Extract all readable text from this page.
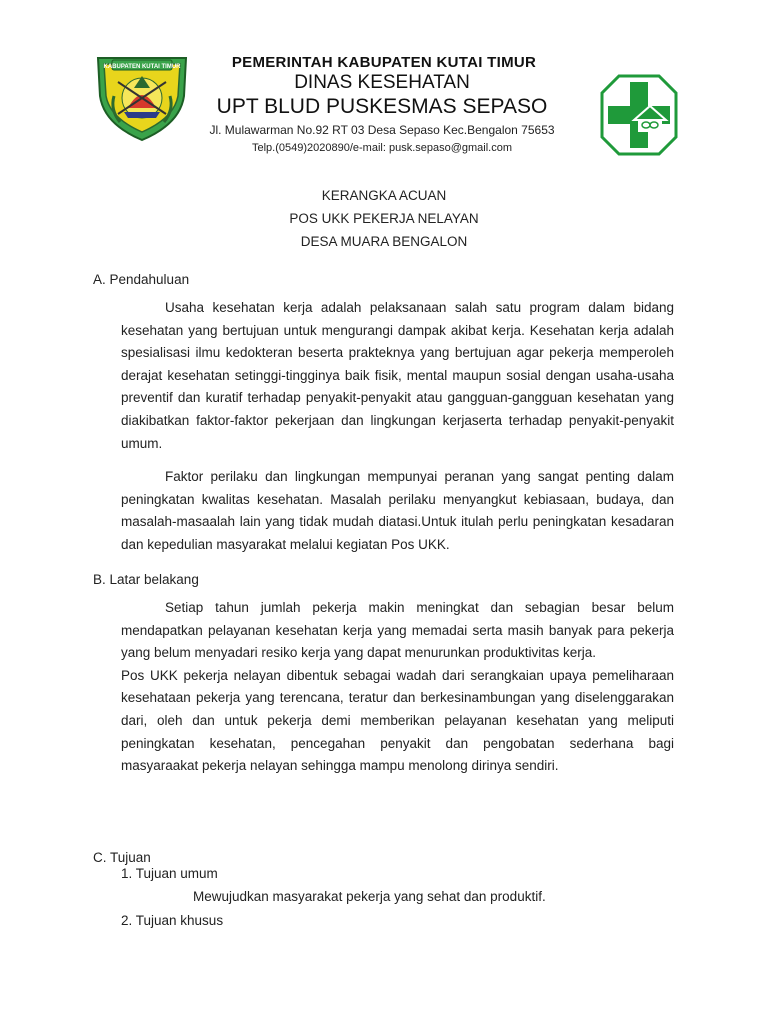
KABUPATEN KUTAI TIMUR	PEMERINTAH KABUPATEN KUTAI TIMUR
DINAS KESEHATAN
UPT BLUD PUSKESMAS SEPASO
Jl. Mulawarman No.92 RT 03 Desa Sepaso Kec.Bengalon 75653
Telp.(0549)2020890/e-mail: pusk.sepaso@gmail.com
KERANGKA ACUAN
POS UKK PEKERJA NELAYAN
DESA MUARA BENGALON
A. Pendahuluan

Usaha kesehatan kerja adalah pelaksanaan salah satu program dalam bidang kesehatan yang bertujuan untuk mengurangi dampak akibat kerja. Kesehatan kerja adalah spesialisasi ilmu kedokteran beserta prakteknya yang bertujuan agar pekerja memperoleh derajat kesehatan setinggi-tingginya baik fisik, mental maupun sosial dengan usaha-usaha preventif dan kuratif terhadap penyakit-penyakit atau gangguan-gangguan kesehatan yang diakibatkan faktor-faktor pekerjaan dan lingkungan kerjaserta terhadap penyakit-penyakit umum.

Faktor perilaku dan lingkungan mempunyai peranan yang sangat penting dalam peningkatan kwalitas kesehatan. Masalah perilaku menyangkut kebiasaan, budaya, dan masalah-masaalah lain yang tidak mudah diatasi.Untuk itulah perlu peningkatan kesadaran dan kepedulian masyarakat melalui kegiatan Pos UKK.

B. Latar belakang

Setiap tahun jumlah pekerja makin meningkat dan sebagian besar belum mendapatkan pelayanan kesehatan kerja yang memadai serta masih banyak para pekerja yang belum menyadari resiko kerja yang dapat menurunkan produktivitas kerja.

Pos UKK pekerja nelayan dibentuk sebagai wadah dari serangkaian upaya pemeliharaan kesehataan pekerja yang terencana, teratur dan berkesinambungan yang diselenggarakan dari, oleh dan untuk pekerja demi memberikan pelayanan kesehatan yang meliputi peningkatan kesehatan, pencegahan penyakit dan pengobatan sederhana bagi masyaraakat pekerja nelayan sehingga mampu menolong dirinya sendiri.

C. Tujuan
1. Tujuan umum
Mewujudkan masyarakat pekerja yang sehat dan produktif.
2. Tujuan khusus
